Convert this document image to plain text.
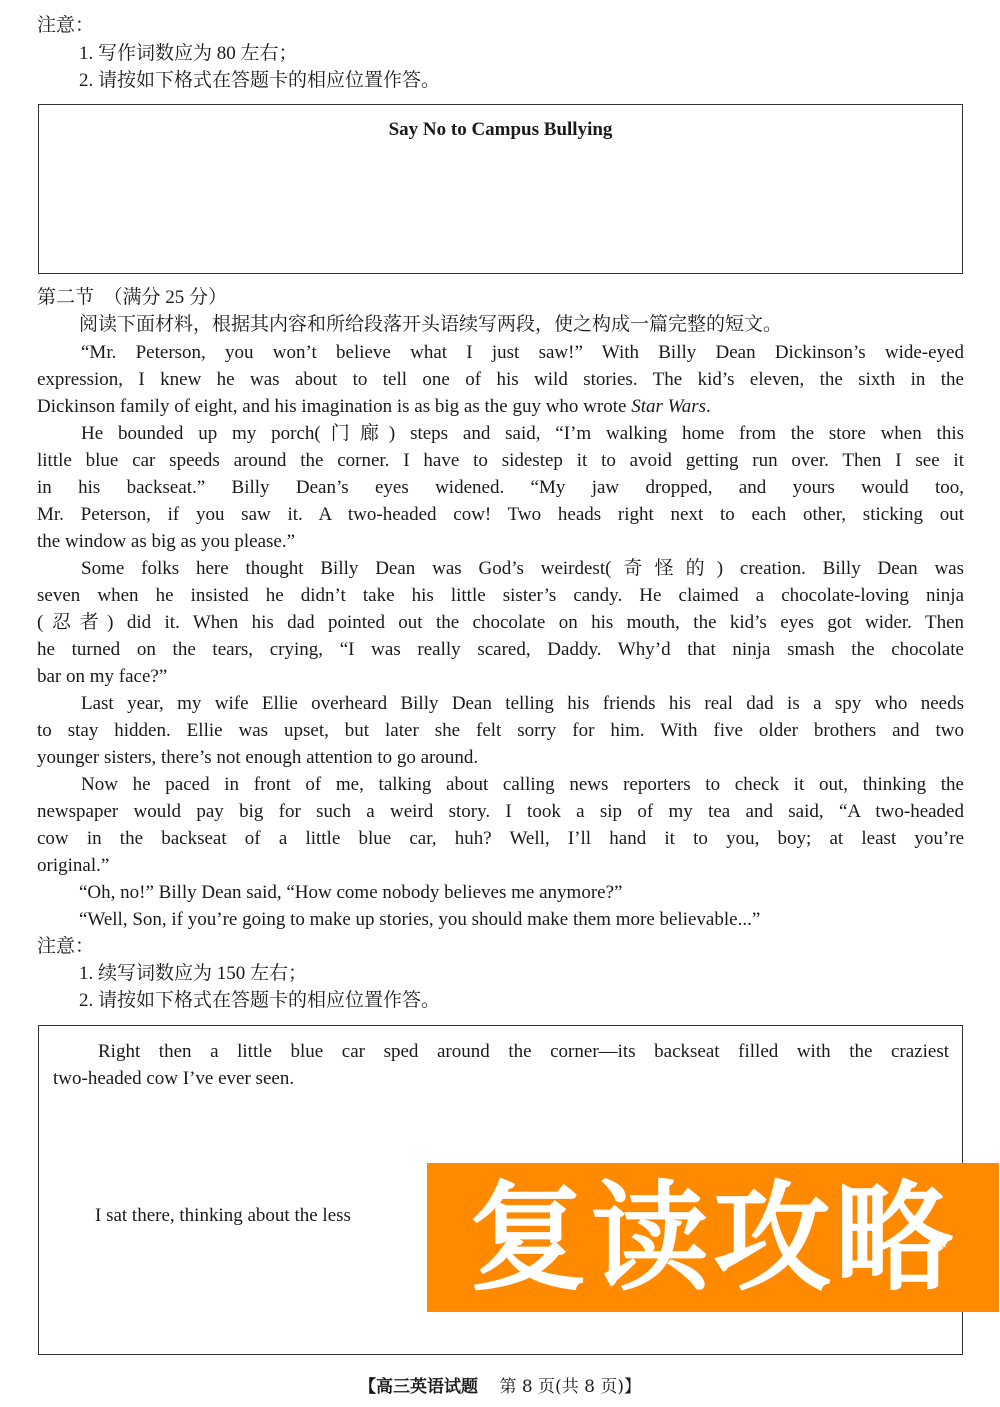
注意：
1. 写作词数应为 80 左右；
2. 请按如下格式在答题卡的相应位置作答。
Say No to Campus Bullying
第二节　（满分 25 分）
阅读下面材料，根据其内容和所给段落开头语续写两段，使之构成一篇完整的短文。
“Mr. Peterson, you won’t believe what I just saw!” With Billy Dean Dickinson’s wide-eyed
expression, I knew he was about to tell one of his wild stories. The kid’s eleven, the sixth in the
Dickinson family of eight, and his imagination is as big as the guy who wrote Star Wars.
He bounded up my porch(门廊) steps and said, “I’m walking home from the store when this
little blue car speeds around the corner. I have to sidestep it to avoid getting run over. Then I see it
in his backseat.” Billy Dean’s eyes widened. “My jaw dropped, and yours would too,
Mr. Peterson, if you saw it. A two-headed cow! Two heads right next to each other, sticking out
the window as big as you please.”
Some folks here thought Billy Dean was God’s weirdest(奇怪的) creation. Billy Dean was
seven when he insisted he didn’t take his little sister’s candy. He claimed a chocolate-loving ninja
(忍者) did it. When his dad pointed out the chocolate on his mouth, the kid’s eyes got wider. Then
he turned on the tears, crying, “I was really scared, Daddy. Why’d that ninja smash the chocolate
bar on my face?”
Last year, my wife Ellie overheard Billy Dean telling his friends his real dad is a spy who needs
to stay hidden. Ellie was upset, but later she felt sorry for him. With five older brothers and two
younger sisters, there’s not enough attention to go around.
Now he paced in front of me, talking about calling news reporters to check it out, thinking the
newspaper would pay big for such a weird story. I took a sip of my tea and said, “A two-headed
cow in the backseat of a little blue car, huh? Well, I’ll hand it to you, boy; at least you’re
original.”
“Oh, no!” Billy Dean said, “How come nobody believes me anymore?”
“Well, Son, if you’re going to make up stories, you should make them more believable...”
注意：
1. 续写词数应为 150 左右；
2. 请按如下格式在答题卡的相应位置作答。
Right then a little blue car sped around the corner—its backseat filled with the craziest
two-headed cow I’ve ever seen.
I sat there, thinking about the less 复读攻略
【高三英语试题 第 8 页(共 8 页)】
